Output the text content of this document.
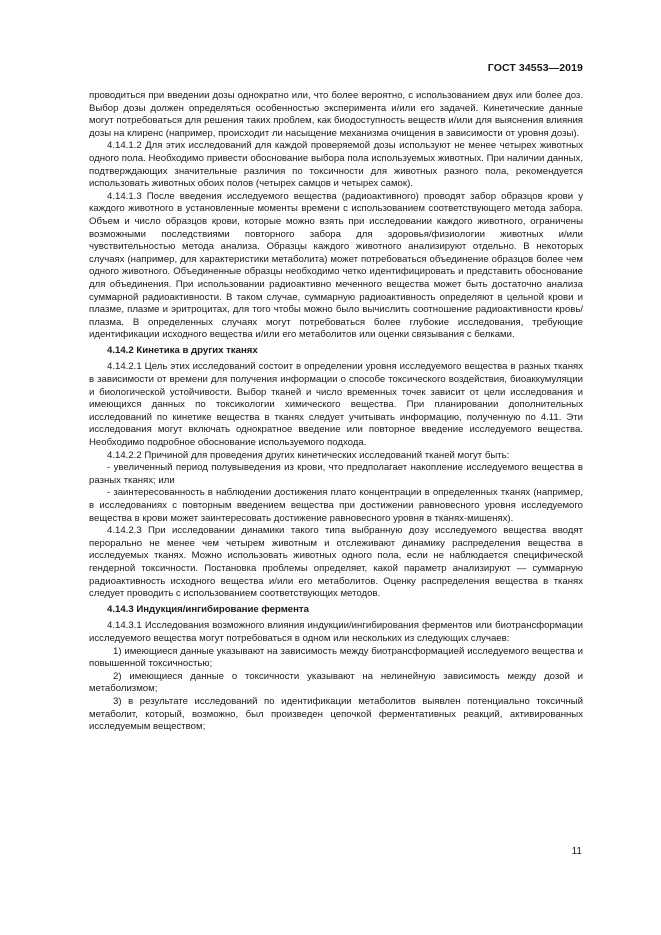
ГОСТ 34553—2019

проводиться при введении дозы однократно или, что более вероятно, с использованием двух или более доз. Выбор дозы должен определяться особенностью эксперимента и/или его задачей. Кинетические данные могут потребоваться для решения таких проблем, как биодоступность веществ и/или для выяснения влияния дозы на клиренс (например, происходит ли насыщение механизма очищения в зависимости от уровня дозы).

4.14.1.2 Для этих исследований для каждой проверяемой дозы используют не менее четырех животных одного пола. Необходимо привести обоснование выбора пола используемых животных. При наличии данных, подтверждающих значительные различия по токсичности для животных разного пола, рекомендуется использовать животных обоих полов (четырех самцов и четырех самок).

4.14.1.3 После введения исследуемого вещества (радиоактивного) проводят забор образцов крови у каждого животного в установленные моменты времени с использованием соответствующего метода забора. Объем и число образцов крови, которые можно взять при исследовании каждого животного, ограничены возможными последствиями повторного забора для здоровья/физиологии животных и/или чувствительностью метода анализа. Образцы каждого животного анализируют отдельно. В некоторых случаях (например, для характеристики метаболита) может потребоваться объединение образцов более чем одного животного. Объединенные образцы необходимо четко идентифицировать и представить обоснование для объединения. При использовании радиоактивно меченного вещества может быть достаточно анализа суммарной радиоактивности. В таком случае, суммарную радиоактивность определяют в цельной крови и плазме, плазме и эритроцитах, для того чтобы можно было вычислить соотношение радиоактивности кровь/плазма. В определенных случаях могут потребоваться более глубокие исследования, требующие идентификации исходного вещества и/или его метаболитов или оценки связывания с белками.

4.14.2 Кинетика в других тканях

4.14.2.1 Цель этих исследований состоит в определении уровня исследуемого вещества в разных тканях в зависимости от времени для получения информации о способе токсического воздействия, биоаккумуляции и биологической устойчивости. Выбор тканей и число временных точек зависит от цели исследования и имеющихся данных по токсикологии химического вещества. При планировании дополнительных исследований по кинетике вещества в тканях следует учитывать информацию, полученную по 4.11. Эти исследования могут включать однократное введение или повторное введение исследуемого вещества. Необходимо подробное обоснование используемого подхода.

4.14.2.2 Причиной для проведения других кинетических исследований тканей могут быть:

- увеличенный период полувыведения из крови, что предполагает накопление исследуемого вещества в разных тканях; или

- заинтересованность в наблюдении достижения плато концентрации в определенных тканях (например, в исследованиях с повторным введением вещества при достижении равновесного уровня исследуемого вещества в крови может заинтересовать достижение равновесного уровня в тканях-мишенях).

4.14.2.3 При исследовании динамики такого типа выбранную дозу исследуемого вещества вводят перорально не менее чем четырем животным и отслеживают динамику распределения вещества в исследуемых тканях. Можно использовать животных одного пола, если не наблюдается специфической гендерной токсичности. Постановка проблемы определяет, какой параметр анализируют — суммарную радиоактивность исходного вещества и/или его метаболитов. Оценку распределения вещества в тканях следует проводить с использованием соответствующих методов.

4.14.3 Индукция/ингибирование фермента

4.14.3.1 Исследования возможного влияния индукции/ингибирования ферментов или биотрансформации исследуемого вещества могут потребоваться в одном или нескольких из следующих случаев:

1) имеющиеся данные указывают на зависимость между биотрансформацией исследуемого вещества и повышенной токсичностью;

2) имеющиеся данные о токсичности указывают на нелинейную зависимость между дозой и метаболизмом;

3) в результате исследований по идентификации метаболитов выявлен потенциально токсичный метаболит, который, возможно, был произведен цепочкой ферментативных реакций, активированных исследуемым веществом;

11
